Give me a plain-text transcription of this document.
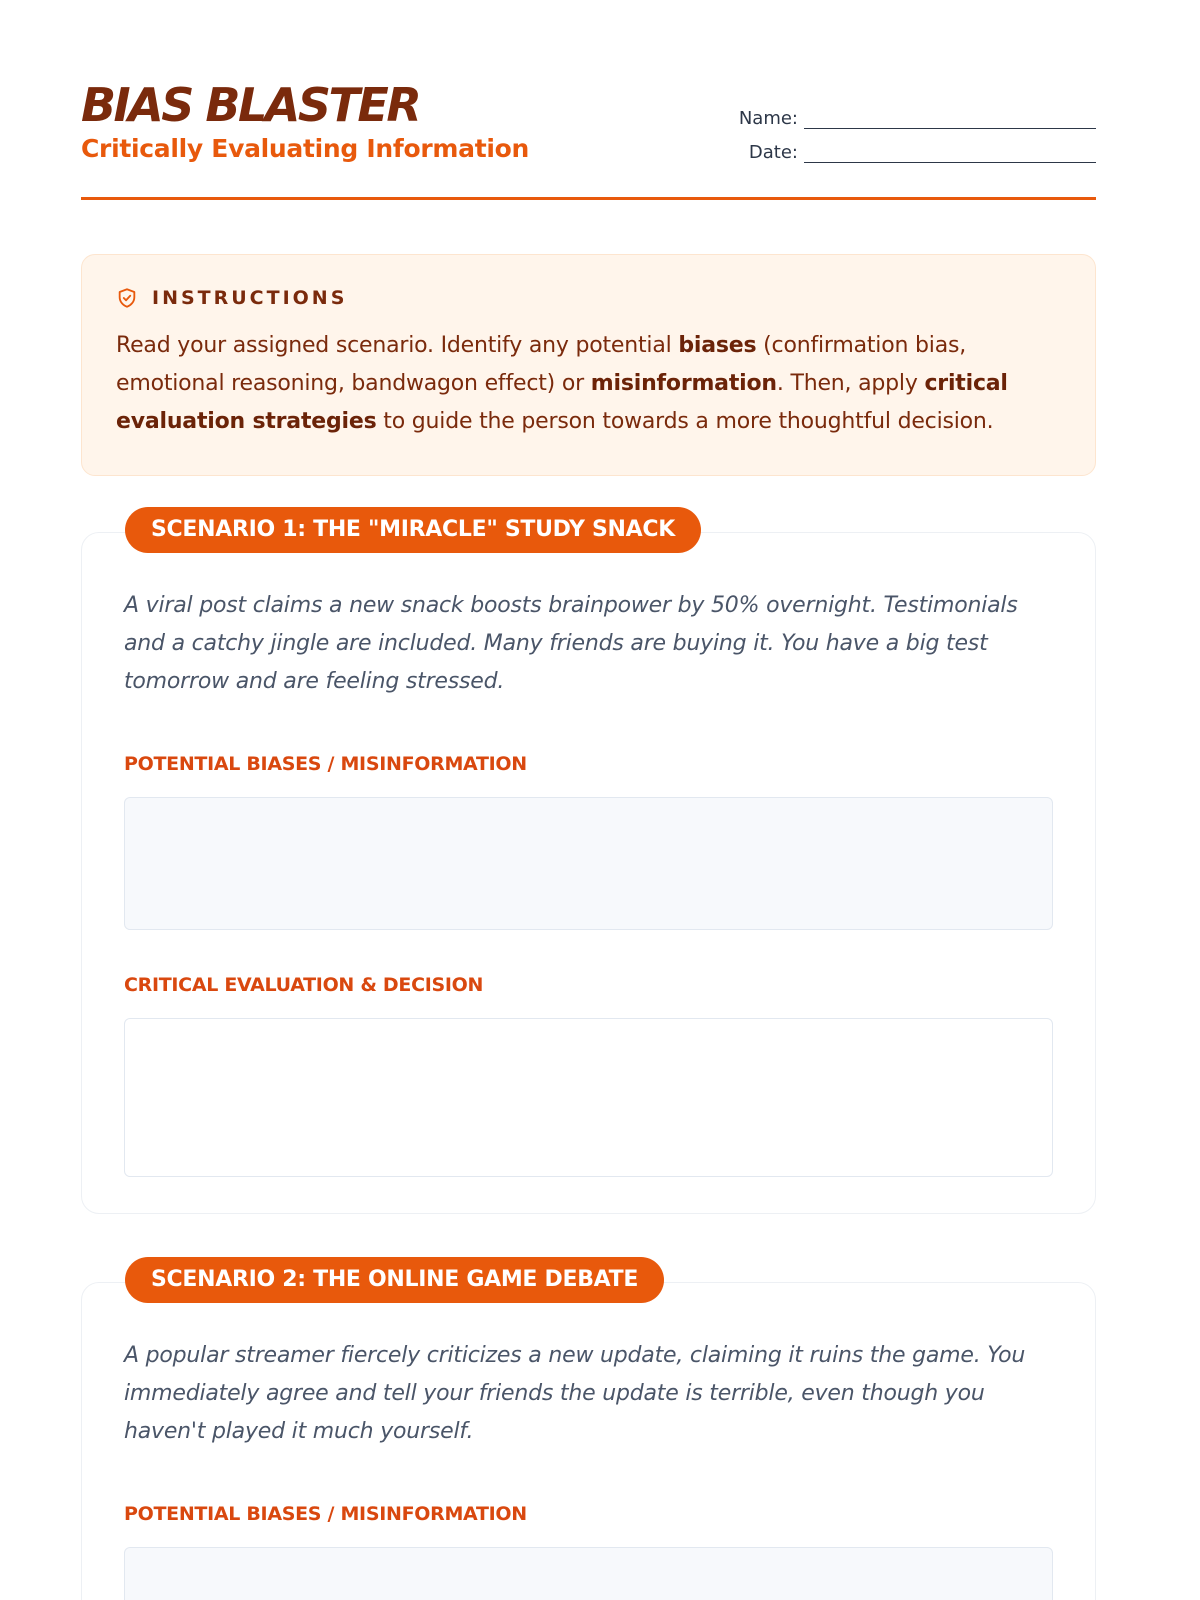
BIAS BLASTER
Critically Evaluating Information
Name:
Date:
INSTRUCTIONS

Read your assigned scenario. Identify any potential biases (confirmation bias, emotional reasoning, bandwagon effect) or misinformation. Then, apply critical evaluation strategies to guide the person towards a more thoughtful decision.

SCENARIO 1: THE "MIRACLE" STUDY SNACK

A viral post claims a new snack boosts brainpower by 50% overnight. Testimonials and a catchy jingle are included. Many friends are buying it. You have a big test tomorrow and are feeling stressed.

POTENTIAL BIASES / MISINFORMATION
CRITICAL EVALUATION & DECISION
SCENARIO 2: THE ONLINE GAME DEBATE

A popular streamer fiercely criticizes a new update, claiming it ruins the game. You immediately agree and tell your friends the update is terrible, even though you haven't played it much yourself.

POTENTIAL BIASES / MISINFORMATION
